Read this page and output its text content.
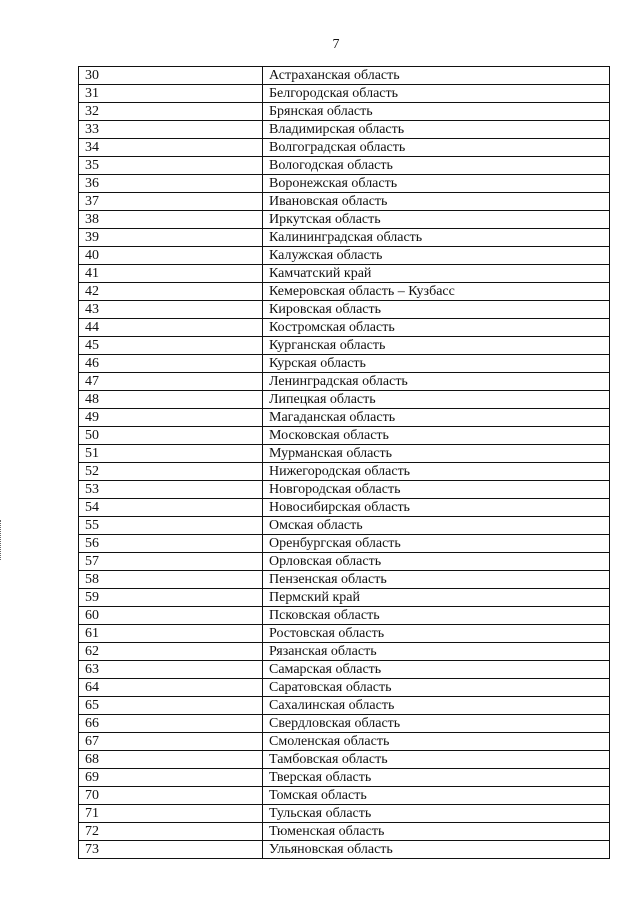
7
30	Астраханская область
31	Белгородская область
32	Брянская область
33	Владимирская область
34	Волгоградская область
35	Вологодская область
36	Воронежская область
37	Ивановская область
38	Иркутская область
39	Калининградская область
40	Калужская область
41	Камчатский край
42	Кемеровская область – Кузбасс
43	Кировская область
44	Костромская область
45	Курганская область
46	Курская область
47	Ленинградская область
48	Липецкая область
49	Магаданская область
50	Московская область
51	Мурманская область
52	Нижегородская область
53	Новгородская область
54	Новосибирская область
55	Омская область
56	Оренбургская область
57	Орловская область
58	Пензенская область
59	Пермский край
60	Псковская область
61	Ростовская область
62	Рязанская область
63	Самарская область
64	Саратовская область
65	Сахалинская область
66	Свердловская область
67	Смоленская область
68	Тамбовская область
69	Тверская область
70	Томская область
71	Тульская область
72	Тюменская область
73	Ульяновская область
